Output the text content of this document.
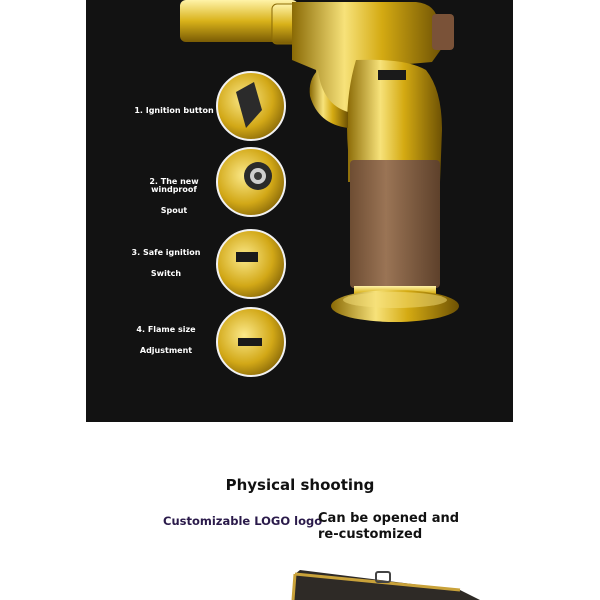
1. Ignition button
2. The new windproof
Spout
3. Safe ignition
Switch
4. Flame size
Adjustment
Physical shooting
Customizable LOGO logo
Can be opened and
re-customized
